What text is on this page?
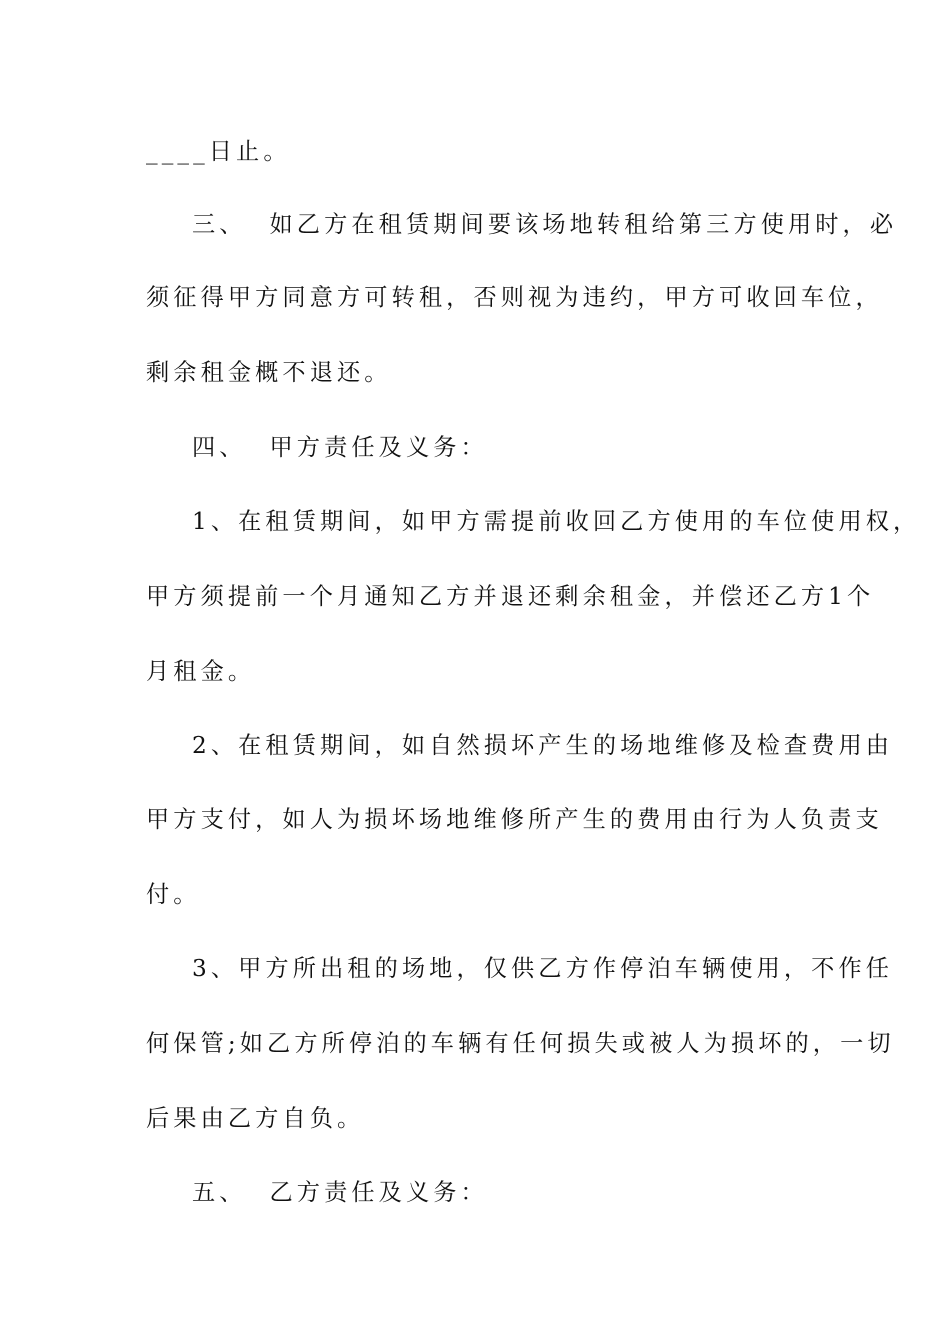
____日止。
三、  如乙方在租赁期间要该场地转租给第三方使用时，必
须征得甲方同意方可转租，否则视为违约，甲方可收回车位，
剩余租金概不退还。
四、  甲方责任及义务：
1、在租赁期间，如甲方需提前收回乙方使用的车位使用权，
甲方须提前一个月通知乙方并退还剩余租金，并偿还乙方1个
月租金。
2、在租赁期间，如自然损坏产生的场地维修及检查费用由
甲方支付，如人为损坏场地维修所产生的费用由行为人负责支
付。
3、甲方所出租的场地，仅供乙方作停泊车辆使用，不作任
何保管;如乙方所停泊的车辆有任何损失或被人为损坏的，一切
后果由乙方自负。
五、  乙方责任及义务：
